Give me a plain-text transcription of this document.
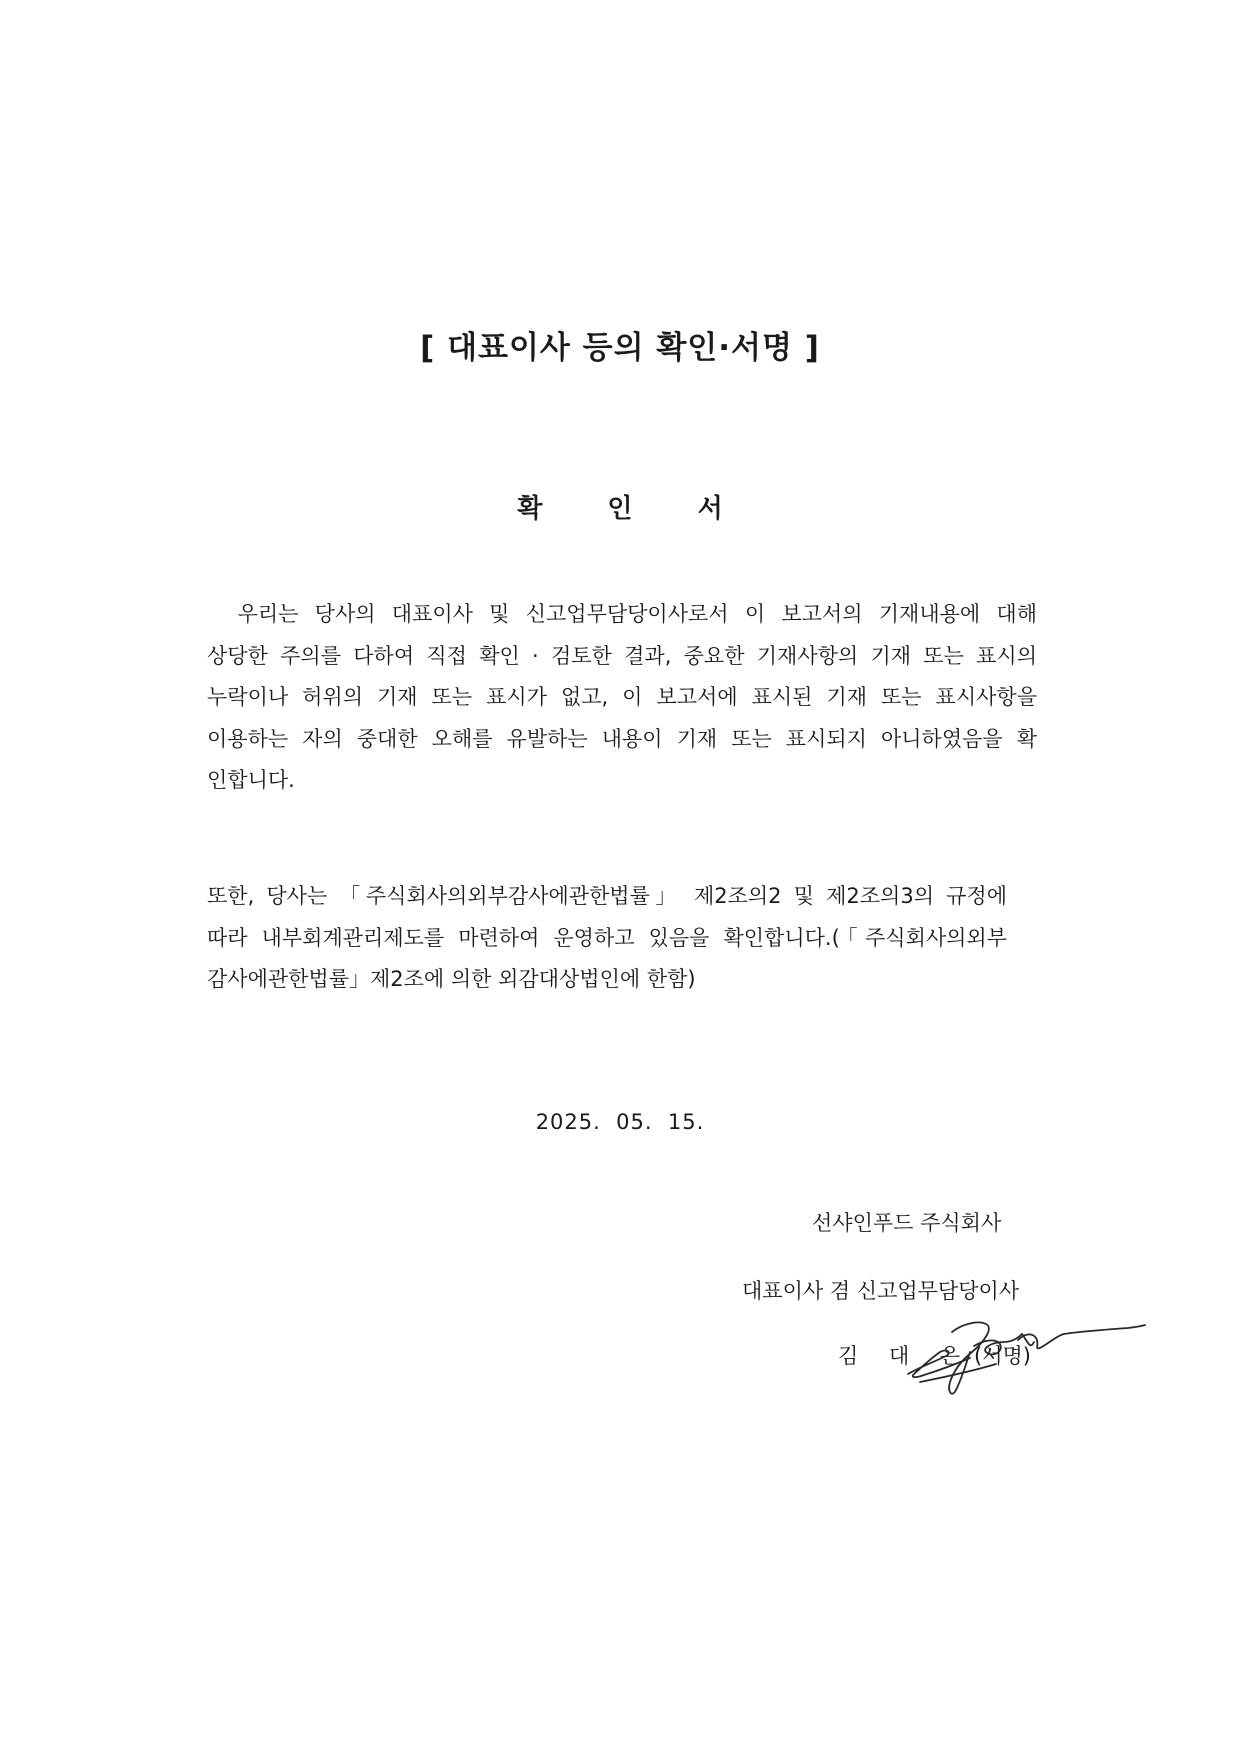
[ 대표이사 등의 확인·서명 ]
확 인 서

　우리는 당사의 대표이사 및 신고업무담당이사로서 이 보고서의 기재내용에 대해
상당한 주의를 다하여 직접 확인 · 검토한 결과, 중요한 기재사항의 기재 또는 표시의
누락이나 허위의 기재 또는 표시가 없고, 이 보고서에 표시된 기재 또는 표시사항을
이용하는 자의 중대한 오해를 유발하는 내용이 기재 또는 표시되지 아니하였음을 확
인합니다.

또한, 당사는 「주식회사의외부감사에관한법률」 제2조의2 및 제2조의3의 규정에
따라 내부회계관리제도를 마련하여 운영하고 있음을 확인합니다.(「주식회사의외부
감사에관한법률」제2조에 의한 외감대상법인에 한함)

2025.  05.  15.
선샤인푸드 주식회사
대표이사 겸 신고업무담당이사
김 대 은 (서명)
